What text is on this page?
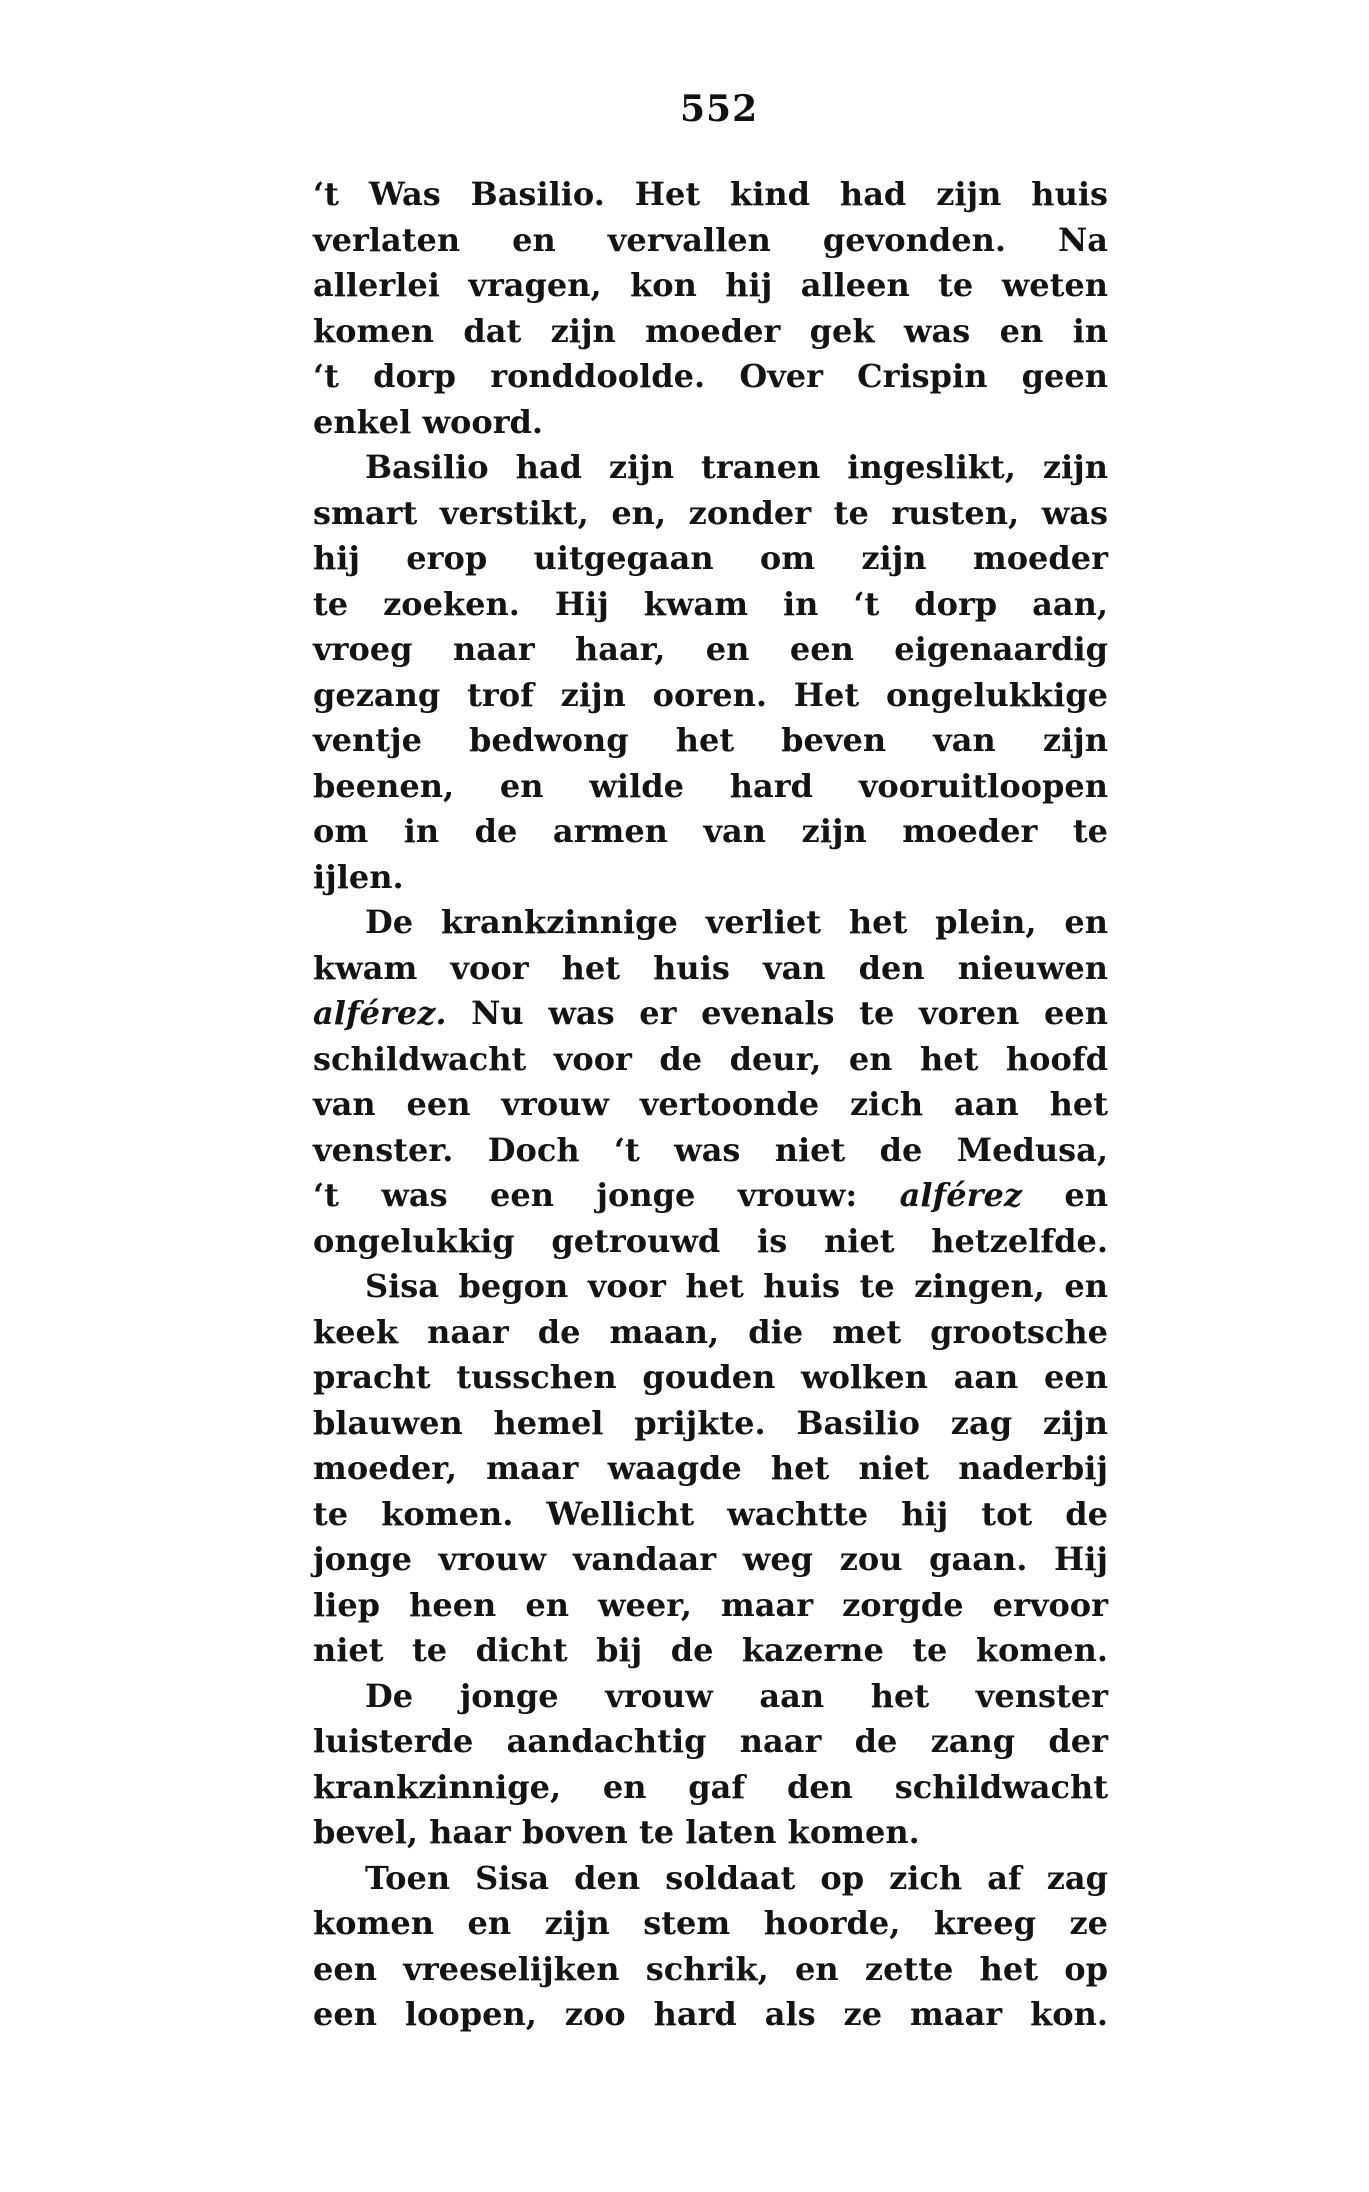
552
‘t Was Basilio. Het kind had zijn huis
verlaten en vervallen gevonden. Na
allerlei vragen, kon hij alleen te weten
komen dat zijn moeder gek was en in
‘t dorp ronddoolde. Over Crispin geen
enkel woord.
Basilio had zijn tranen ingeslikt, zijn
smart verstikt, en, zonder te rusten, was
hij erop uitgegaan om zijn moeder
te zoeken. Hij kwam in ‘t dorp aan,
vroeg naar haar, en een eigenaardig
gezang trof zijn ooren. Het ongelukkige
ventje bedwong het beven van zijn
beenen, en wilde hard vooruitloopen
om in de armen van zijn moeder te
ijlen.
De krankzinnige verliet het plein, en
kwam voor het huis van den nieuwen
alférez. Nu was er evenals te voren een
schildwacht voor de deur, en het hoofd
van een vrouw vertoonde zich aan het
venster. Doch ‘t was niet de Medusa,
‘t was een jonge vrouw: alférez en
ongelukkig getrouwd is niet hetzelfde.
Sisa begon voor het huis te zingen, en
keek naar de maan, die met grootsche
pracht tusschen gouden wolken aan een
blauwen hemel prijkte. Basilio zag zijn
moeder, maar waagde het niet naderbij
te komen. Wellicht wachtte hij tot de
jonge vrouw vandaar weg zou gaan. Hij
liep heen en weer, maar zorgde ervoor
niet te dicht bij de kazerne te komen.
De jonge vrouw aan het venster
luisterde aandachtig naar de zang der
krankzinnige, en gaf den schildwacht
bevel, haar boven te laten komen.
Toen Sisa den soldaat op zich af zag
komen en zijn stem hoorde, kreeg ze
een vreeselijken schrik, en zette het op
een loopen, zoo hard als ze maar kon.
